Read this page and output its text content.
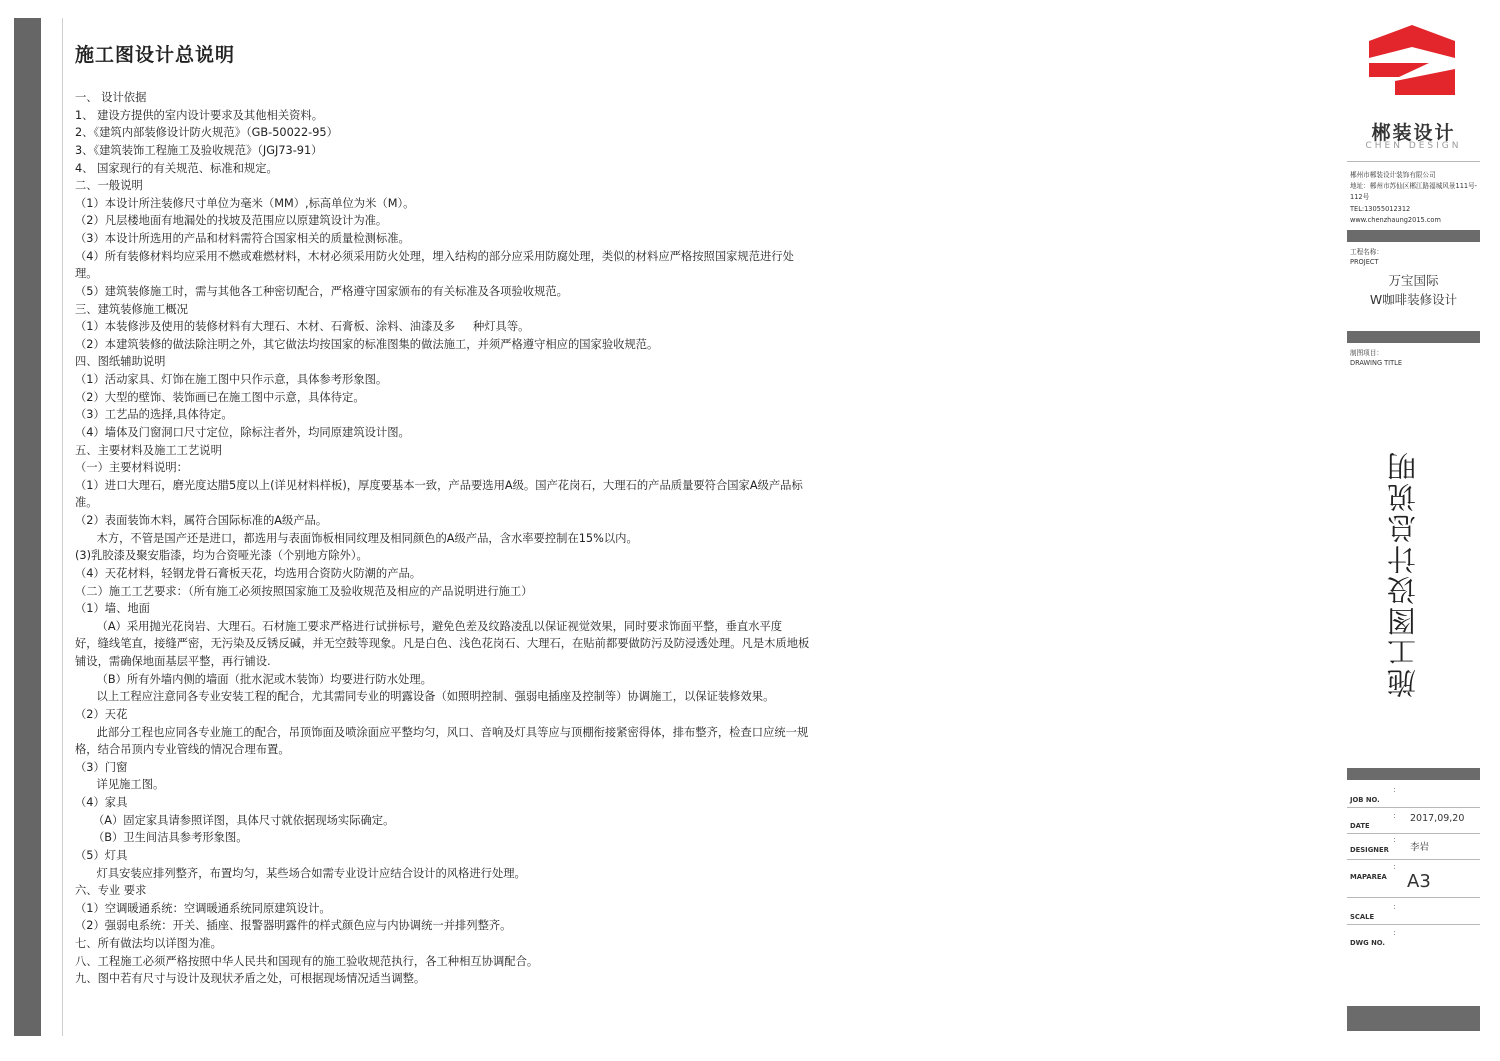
施工图设计总说明
一、 设计依据
1、 建设方提供的室内设计要求及其他相关资料。
2、《建筑内部装修设计防火规范》（GB-50022-95）
3、《建筑装饰工程施工及验收规范》（JGJ73-91）
4、 国家现行的有关规范、标准和规定。
二、一般说明
（1）本设计所注装修尺寸单位为毫米（MM）,标高单位为米（M）。
（2）凡层楼地面有地漏处的找坡及范围应以原建筑设计为准。
（3）本设计所选用的产品和材料需符合国家相关的质量检测标准。
（4）所有装修材料均应采用不燃或难燃材料，木材必须采用防火处理，埋入结构的部分应采用防腐处理，类似的材料应严格按照国家规范进行处
理。
（5）建筑装修施工时，需与其他各工种密切配合，严格遵守国家颁布的有关标准及各项验收规范。
三、建筑装修施工概况
（1）本装修涉及使用的装修材料有大理石、木材、石膏板、涂料、油漆及多     种灯具等。
（2）本建筑装修的做法除注明之外，其它做法均按国家的标准图集的做法施工，并须严格遵守相应的国家验收规范。
四、图纸辅助说明
（1）活动家具、灯饰在施工图中只作示意，具体参考形象图。
（2）大型的壁饰、装饰画已在施工图中示意，具体待定。
（3）工艺品的选择,具体待定。
（4）墙体及门窗洞口尺寸定位，除标注者外，均同原建筑设计图。
五、主要材料及施工工艺说明
（一）主要材料说明：
（1）进口大理石，磨光度达腊5度以上(详见材料样板)，厚度要基本一致，产品要选用A级。国产花岗石，大理石的产品质量要符合国家A级产品标
准。
（2）表面装饰木料，属符合国际标准的A级产品。
木方，不管是国产还是进口，都选用与表面饰板相同纹理及相同颜色的A级产品，含水率要控制在15%以内。
(3)乳胶漆及聚安脂漆，均为合资哑光漆（个别地方除外）。
（4）天花材料，轻钢龙骨石膏板天花，均选用合资防火防潮的产品。
（二）施工工艺要求：（所有施工必须按照国家施工及验收规范及相应的产品说明进行施工）
（1）墙、地面
（A）采用抛光花岗岩、大理石。石材施工要求严格进行试拼标号，避免色差及纹路凌乱以保证视觉效果，同时要求饰面平整，垂直水平度
好，缝线笔直，接缝严密，无污染及反锈反碱，并无空鼓等现象。凡是白色、浅色花岗石、大理石，在贴前都要做防污及防浸透处理。凡是木质地板
铺设，需确保地面基层平整，再行铺设.
（B）所有外墙内侧的墙面（批水泥或木装饰）均要进行防水处理。
以上工程应注意同各专业安装工程的配合，尤其需同专业的明露设备（如照明控制、强弱电插座及控制等）协调施工，以保证装修效果。
（2）天花
此部分工程也应同各专业施工的配合，吊顶饰面及喷涂面应平整均匀，风口、音响及灯具等应与顶棚衔接紧密得体，排布整齐，检查口应统一规
格，结合吊顶内专业管线的情况合理布置。
（3）门窗
详见施工图。
（4）家具
（A）固定家具请参照详图，具体尺寸就依据现场实际确定。
（B）卫生间洁具参考形象图。
（5）灯具
灯具安装应排列整齐，布置均匀，某些场合如需专业设计应结合设计的风格进行处理。
六、专业 要求
（1）空调暖通系统：空调暖通系统同原建筑设计。
（2）强弱电系统：开关、插座、报警器明露件的样式颜色应与内协调统一并排列整齐。
七、所有做法均以详图为准。
八、工程施工必须严格按照中华人民共和国现有的施工验收规范执行，各工种相互协调配合。
九、图中若有尺寸与设计及现状矛盾之处，可根据现场情况适当调整。
郴装设计
CHEN DESIGN
郴州市郴装设计装饰有限公司
地址：郴州市苏仙区郴江路福城风景111号-
112号
TEL:13055012312
www.chenzhaung2015.com
工程名称：
PROJECT
万宝国际
W咖啡装修设计
制图项目：
DRAWING TITLE
施工图设计总说明
：
JOB NO.
：
DATE
2017,09,20
：
DESIGNER 李岩
：
MAPAREA A3
：
SCALE
：
DWG NO.
